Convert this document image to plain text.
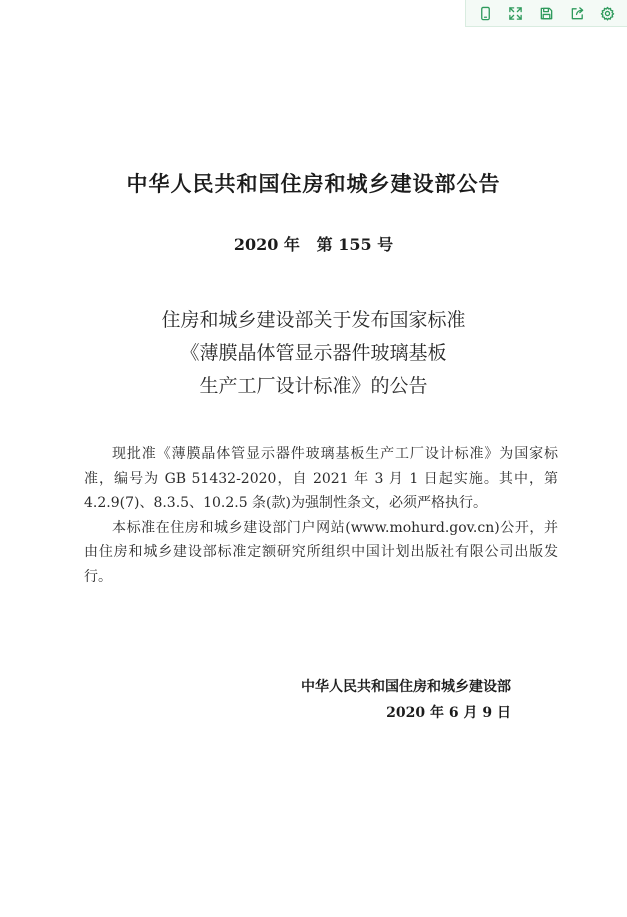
中华人民共和国住房和城乡建设部公告
2020 年   第 155 号
住房和城乡建设部关于发布国家标准
《薄膜晶体管显示器件玻璃基板
生产工厂设计标准》的公告

现批准《薄膜晶体管显示器件玻璃基板生产工厂设计标准》为国家标准，编号为 GB 51432-2020，自 2021 年 3 月 1 日起实施。其中，第 4.2.9(7)、8.3.5、10.2.5 条(款)为强制性条文，必须严格执行。

本标准在住房和城乡建设部门户网站(www.mohurd.gov.cn)公开，并由住房和城乡建设部标准定额研究所组织中国计划出版社有限公司出版发行。

中华人民共和国住房和城乡建设部
2020 年 6 月 9 日
